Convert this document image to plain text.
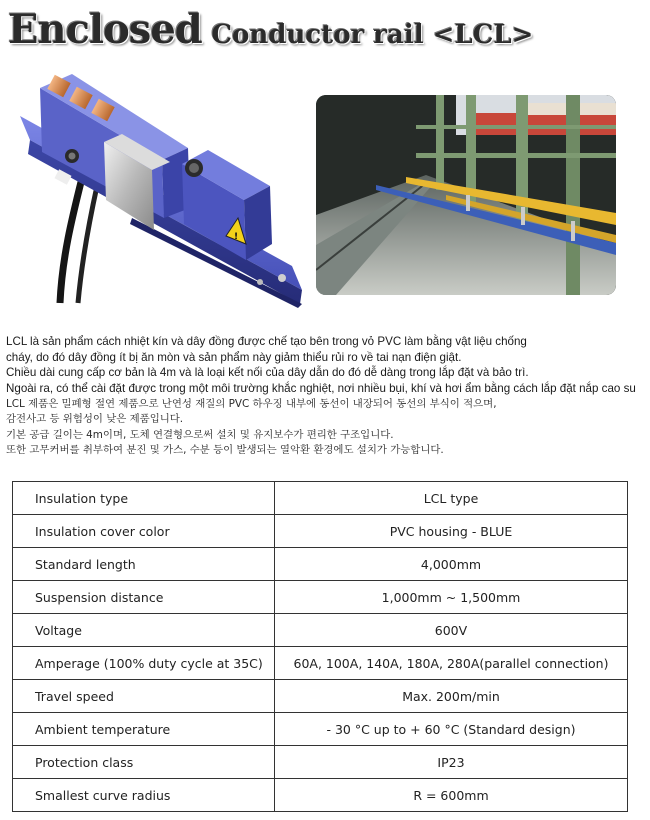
Enclosed Conductor rail <LCL>
!

LCL là sản phẩm cách nhiệt kín và dây đồng được chế tạo bên trong vỏ PVC làm bằng vật liệu chống

cháy, do đó dây đồng ít bị ăn mòn và sản phẩm này giảm thiểu rủi ro về tai nạn điện giật.

Chiều dài cung cấp cơ bản là 4m và là loại kết nối của dây dẫn do đó dễ dàng trong lắp đặt và bảo trì.

Ngoài ra, có thể cài đặt được trong một môi trường khắc nghiệt, nơi nhiều bụi, khí và hơi ẩm bằng cách lắp đặt nắp cao su

LCL 제품은 밀폐형 절연 제품으로 난연성 재질의 PVC 하우징 내부에 동선이 내장되어 동선의 부식이 적으며,

감전사고 등 위험성이 낮은 제품입니다.

기본 공급 길이는 4m이며, 도체 연결형으로써 설치 및 유지보수가 편리한 구조입니다.

또한 고무커버를 취부하여 분진 및 가스, 수분 등이 발생되는 열악환 환경에도 설치가 가능합니다.

Insulation type	LCL type
Insulation cover color	PVC housing - BLUE
Standard length	4,000mm
Suspension distance	1,000mm ~ 1,500mm
Voltage	600V
Amperage (100% duty cycle at 35C)	60A, 100A, 140A, 180A, 280A(parallel connection)
Travel speed	Max. 200m/min
Ambient temperature	- 30 °C up to + 60 °C (Standard design)
Protection class	IP23
Smallest curve radius	R = 600mm
